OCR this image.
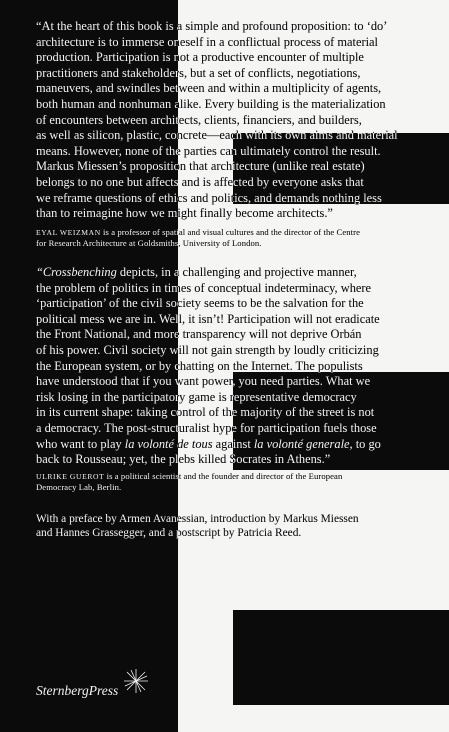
“At the heart of this book is a simple and profound proposition: to ‘do’
architecture is to immerse oneself in a conflictual process of material
production. Participation is not a productive encounter of multiple
practitioners and stakeholders, but a set of conflicts, negotiations,
maneuvers, and swindles between and within a multiplicity of agents,
both human and nonhuman alike. Every building is the materialization
of encounters between architects, clients, financiers, and builders,
as well as silicon, plastic, concrete—each with its own aims and material
means. However, none of the parties can ultimately control the result.
Markus Miessen’s proposition that architecture (unlike real estate)
belongs to no one but affects and is affected by everyone asks that
we reframe questions of ethics and politics, and demands nothing less
than to reimagine how we might finally become architects.”
EYAL WEIZMAN is a professor of spatial and visual cultures and the director of the Centre
for Research Architecture at Goldsmiths, University of London.
“Crossbenching depicts, in a challenging and projective manner,
the problem of politics in times of conceptual indeterminacy, where
‘participation’ of the civil society seems to be the salvation for the
political mess we are in. Well, it isn’t! Participation will not eradicate
the Front National, and more transparency will not deprive Orbán
of his power. Civil society will not gain strength by loudly criticizing
the European system, or by chatting on the Internet. The populists
have understood that if you want power, you need parties. What we
risk losing in the participatory game is representative democracy
in its current shape: taking control of the majority of the street is not
a democracy. The post-structuralist hype for participation fuels those
who want to play la volonté de tous against la volonté generale, to go
back to Rousseau; yet, the plebs killed Socrates in Athens.”
ULRIKE GUEROT is a political scientist and the founder and director of the European
Democracy Lab, Berlin.
With a preface by Armen Avanessian, introduction by Markus Miessen
and Hannes Grassegger, and a postscript by Patricia Reed.
SternbergPress
